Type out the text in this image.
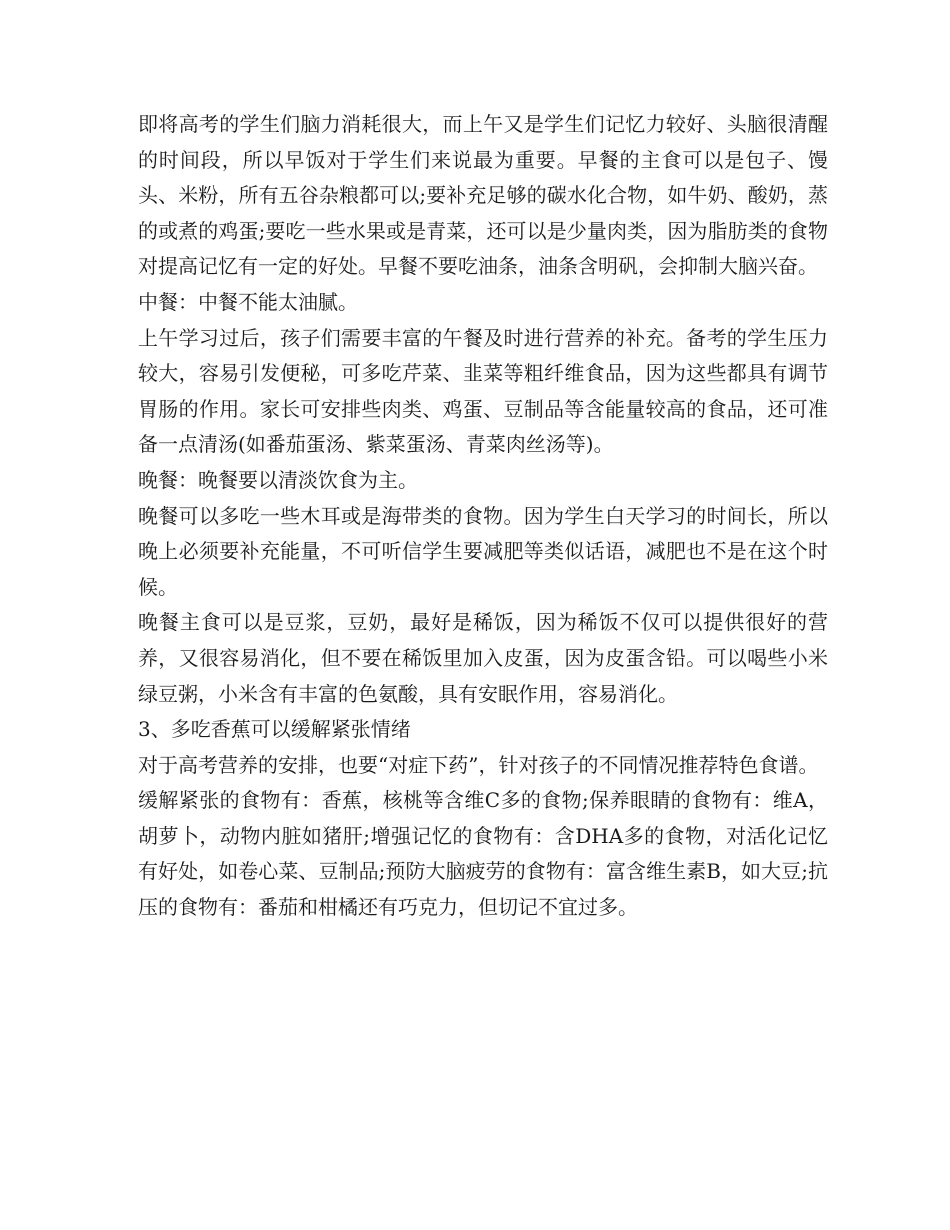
即将高考的学生们脑力消耗很大，而上午又是学生们记忆力较好、头脑很清醒的时间段，所以早饭对于学生们来说最为重要。早餐的主食可以是包子、馒头、米粉，所有五谷杂粮都可以;要补充足够的碳水化合物，如牛奶、酸奶，蒸的或煮的鸡蛋;要吃一些水果或是青菜，还可以是少量肉类，因为脂肪类的食物对提高记忆有一定的好处。早餐不要吃油条，油条含明矾，会抑制大脑兴奋。

中餐：中餐不能太油腻。

上午学习过后，孩子们需要丰富的午餐及时进行营养的补充。备考的学生压力较大，容易引发便秘，可多吃芹菜、韭菜等粗纤维食品，因为这些都具有调节胃肠的作用。家长可安排些肉类、鸡蛋、豆制品等含能量较高的食品，还可准备一点清汤(如番茄蛋汤、紫菜蛋汤、青菜肉丝汤等)。

晚餐：晚餐要以清淡饮食为主。

晚餐可以多吃一些木耳或是海带类的食物。因为学生白天学习的时间长，所以晚上必须要补充能量，不可听信学生要减肥等类似话语，减肥也不是在这个时候。

晚餐主食可以是豆浆，豆奶，最好是稀饭，因为稀饭不仅可以提供很好的营养，又很容易消化，但不要在稀饭里加入皮蛋，因为皮蛋含铅。可以喝些小米绿豆粥，小米含有丰富的色氨酸，具有安眠作用，容易消化。

3、多吃香蕉可以缓解紧张情绪

对于高考营养的安排，也要“对症下药”，针对孩子的不同情况推荐特色食谱。

缓解紧张的食物有：香蕉，核桃等含维C多的食物;保养眼睛的食物有：维A，胡萝卜，动物内脏如猪肝;增强记忆的食物有：含DHA多的食物，对活化记忆有好处，如卷心菜、豆制品;预防大脑疲劳的食物有：富含维生素B，如大豆;抗压的食物有：番茄和柑橘还有巧克力，但切记不宜过多。
